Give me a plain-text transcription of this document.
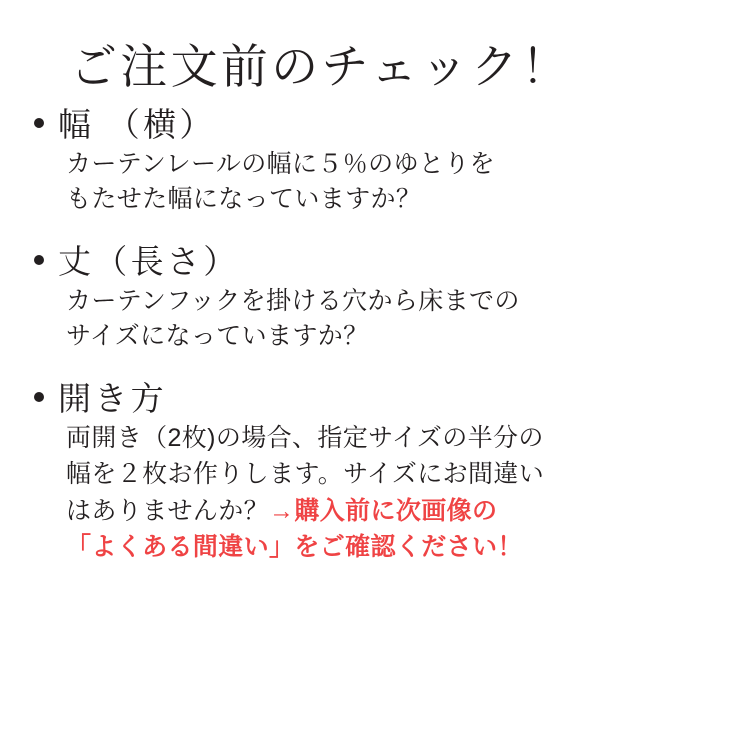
ご注文前のチェック！
幅 （横）
カーテンレールの幅に５％のゆとりを
もたせた幅になっていますか？
丈（長さ）
カーテンフックを掛ける穴から床までの
サイズになっていますか？
開き方
両開き（2枚)の場合、指定サイズの半分の
幅を２枚お作りします。サイズにお間違い
はありませんか？→購入前に次画像の
「よくある間違い」をご確認ください！
